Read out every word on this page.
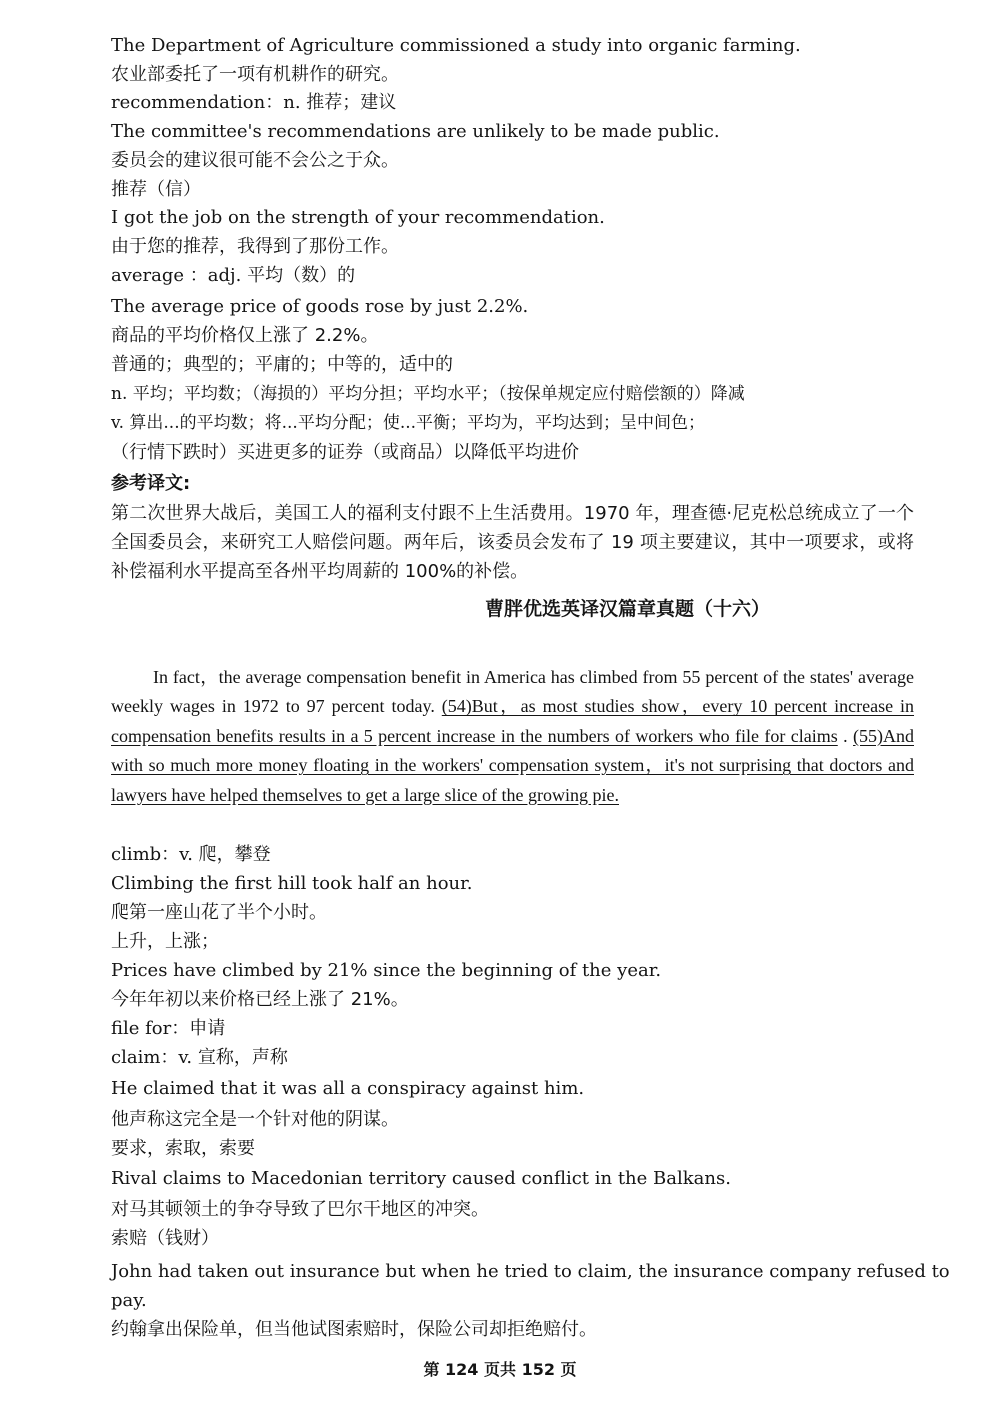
The Department of Agriculture commissioned a study into organic farming.
农业部委托了一项有机耕作的研究。
recommendation：n. 推荐；建议
The committee's recommendations are unlikely to be made public.
委员会的建议很可能不会公之于众。
推荐（信）
I got the job on the strength of your recommendation.
由于您的推荐，我得到了那份工作。
average ：adj. 平均（数）的
The average price of goods rose by just 2.2%.
商品的平均价格仅上涨了 2.2%。
普通的；典型的；平庸的；中等的，适中的
n. 平均；平均数；（海损的）平均分担；平均水平；（按保单规定应付赔偿额的）降减
v. 算出...的平均数；将...平均分配；使...平衡；平均为，平均达到；呈中间色；
（行情下跌时）买进更多的证券（或商品）以降低平均进价
参考译文:
第二次世界大战后，美国工人的福利支付跟不上生活费用。1970 年，理查德·尼克松总统成立了一个全国委员会，来研究工人赔偿问题。两年后，该委员会发布了 19 项主要建议，其中一项要求，或将补偿福利水平提高至各州平均周薪的 100%的补偿。
曹胖优选英译汉篇章真题（十六）
In fact，the average compensation benefit in America has climbed from 55 percent of the states' average weekly wages in 1972 to 97 percent today. (54)But，as most studies show，every 10 percent increase in compensation benefits results in a 5 percent increase in the numbers of workers who file for claims . (55)And with so much more money floating in the workers' compensation system，it's not surprising that doctors and lawyers have helped themselves to get a large slice of the growing pie.
climb：v. 爬，攀登
Climbing the first hill took half an hour.
爬第一座山花了半个小时。
上升，上涨；
Prices have climbed by 21% since the beginning of the year.
今年年初以来价格已经上涨了 21%。
file for：申请
claim：v. 宣称，声称
He claimed that it was all a conspiracy against him.
他声称这完全是一个针对他的阴谋。
要求，索取，索要
Rival claims to Macedonian territory caused conflict in the Balkans.
对马其顿领土的争夺导致了巴尔干地区的冲突。
索赔（钱财）
John had taken out insurance but when he tried to claim, the insurance company refused to
pay.
约翰拿出保险单，但当他试图索赔时，保险公司却拒绝赔付。
第 124 页共 152 页
